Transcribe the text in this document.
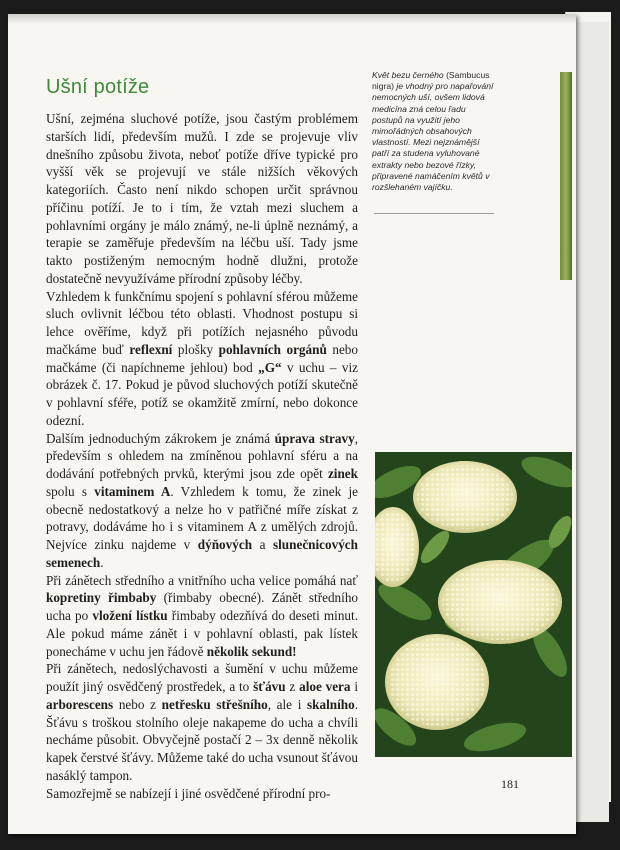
Ušní potíže

Ušní, zejména sluchové potíže, jsou častým problémem starších lidí, především mužů. I zde se projevuje vliv dnešního způsobu života, neboť potíže dříve typické pro vyšší věk se projevují ve stále nižších věkových kategoriích. Často není nikdo schopen určit správnou příčinu potíží. Je to i tím, že vztah mezi sluchem a pohlavními orgány je málo známý, ne-li úplně neznámý, a terapie se zaměřuje především na léčbu uší. Tady jsme takto postiženým nemocným hodně dlužni, protože dostatečně nevyužíváme přírodní způsoby léčby.

Vzhledem k funkčnímu spojení s pohlavní sférou můžeme sluch ovlivnit léčbou této oblasti. Vhodnost postupu si lehce ověříme, když při potížích nejasného původu mačkáme buď reflexní plošky pohlavních orgánů nebo mačkáme (či napíchneme jehlou) bod „G“ v uchu – viz obrázek č. 17. Pokud je původ sluchových potíží skutečně v pohlavní sféře, potíž se okamžitě zmírní, nebo dokonce odezní.

Dalším jednoduchým zákrokem je známá úprava stravy, především s ohledem na zmíněnou pohlavní sféru a na dodávání potřebných prvků, kterými jsou zde opět zinek spolu s vitaminem A. Vzhledem k tomu, že zinek je obecně nedostatkový a nelze ho v patřičné míře získat z potravy, dodáváme ho i s vitaminem A z umělých zdrojů. Nejvíce zinku najdeme v dýňových a slunečnicových semenech.

Při zánětech středního a vnitřního ucha velice pomáhá nať kopretiny řimbaby (řimbaby obecné). Zánět středního ucha po vložení lístku řimbaby odezňívá do deseti minut. Ale pokud máme zánět i v pohlavní oblasti, pak lístek ponecháme v uchu jen řádově několik sekund!

Při zánětech, nedoslýchavosti a šumění v uchu můžeme použít jiný osvědčený prostředek, a to šťávu z aloe vera i arborescens nebo z netřesku střešního, ale i skalního. Šťávu s troškou stolního oleje nakapeme do ucha a chvíli necháme působit. Obvyčejně postačí 2 – 3x denně několik kapek čerstvé šťávy. Můžeme také do ucha vsunout šťávou nasáklý tampon.

Samozřejmě se nabízejí i jiné osvědčené přírodní pro-

Květ bezu černého (Sambucus nigra) je vhodný pro napařování nemocných uší, ovšem lidová medicína zná celou řadu postupů na využití jeho mimořádných obsahových vlastností. Mezi nejznámější patří za studena vyluhované extrakty nebo bezové řízky, připravené namáčením květů v rozšlehaném vajíčku.
181
